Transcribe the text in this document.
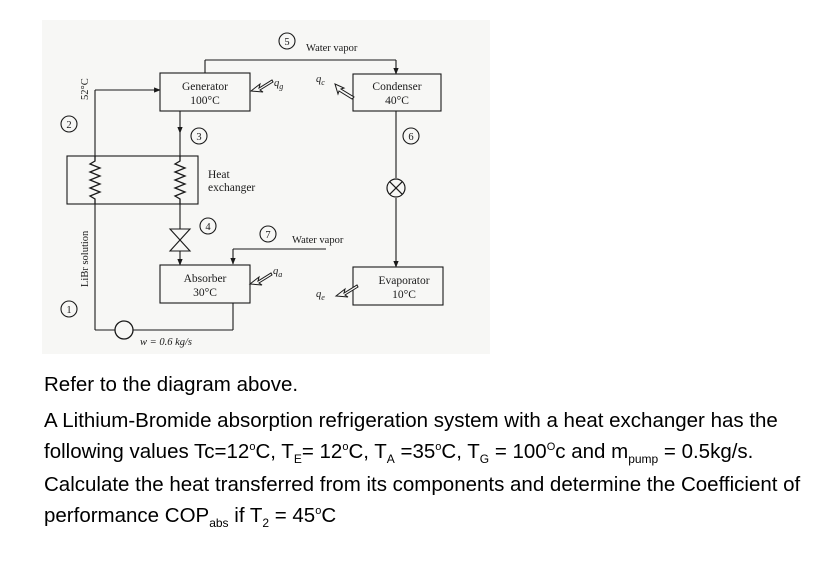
Generator
100°C
Condenser
40°C
Absorber
30°C
Evaporator
10°C
Heat
exchanger
w = 0.6 kg/s
Water vapor
Water vapor
52°C
LiBr solution
$q_g$
$q_c$
$q_a$
$q_e$
1
2
3
4
5
6
7

Refer to the diagram above.

A Lithium-Bromide absorption refrigeration system with a heat exchanger has the following values $Tc=12^oC$, $T_E= 12^oC$, $T_A =35^oC$, $T_G = 100^Oc$ and $m_{pump} = 0.5kg/s$. Calculate the heat transferred from its components and determine the Coefficient of performance $COP_{abs}$ if $T_2 = 45^oC$
